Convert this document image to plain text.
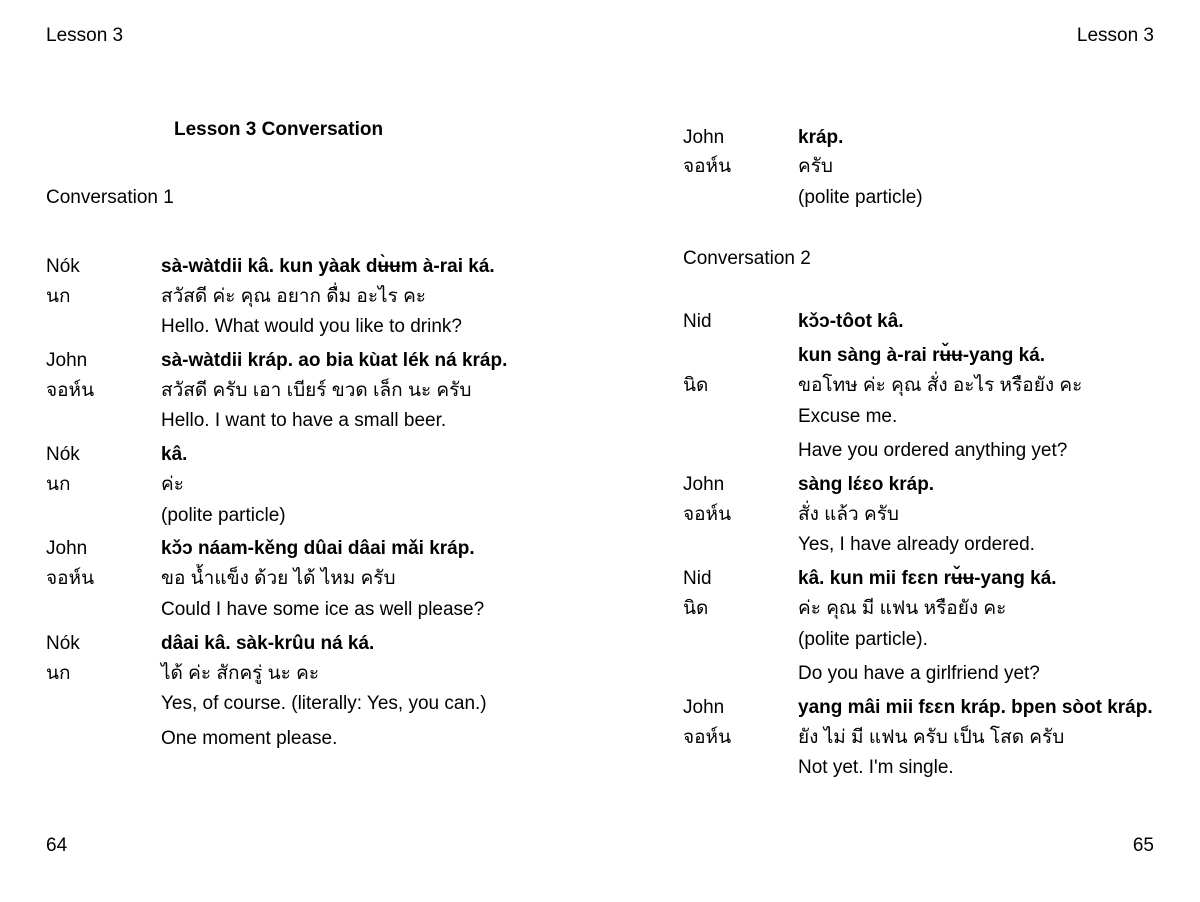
Lesson 3
Lesson 3 Conversation
Conversation 1
Nók	sà-wàtdii kâ. kun yàak dʉ̀ʉm à-rai ká.
นก	สวัสดี ค่ะ คุณ อยาก ดื่ม อะไร คะ
Hello. What would you like to drink?
John	sà-wàtdii kráp. ao bia kùat lék ná kráp.
จอห์น	สวัสดี ครับ เอา เบียร์ ขวด เล็ก นะ ครับ
Hello. I want to have a small beer.
Nók	kâ.
นก	ค่ะ
(polite particle)
John	kɔ̌ɔ náam-kěng dûai dâai mǎi kráp.
จอห์น	ขอ น้ำแข็ง ด้วย ได้ ไหม ครับ
Could I have some ice as well please?
Nók	dâai kâ. sàk-krûu ná ká.
นก	ได้ ค่ะ สักครู่ นะ คะ
Yes, of course. (literally: Yes, you can.)
One moment please.
64
Lesson 3
John	kráp.
จอห์น	ครับ
(polite particle)
Conversation 2
Nid	kɔ̌ɔ-tôot kâ.
kun sàng à-rai rʉ̌ʉ-yang ká.
นิด	ขอโทษ ค่ะ คุณ สั่ง อะไร หรือยัง คะ
Excuse me.
Have you ordered anything yet?
John	sàng lɛ́ɛo kráp.
จอห์น	สั่ง แล้ว ครับ
Yes, I have already ordered.
Nid	kâ. kun mii fɛɛn rʉ̌ʉ-yang ká.
นิด	ค่ะ คุณ มี แฟน หรือยัง คะ
(polite particle).
Do you have a girlfriend yet?
John	yang mâi mii fɛɛn kráp. bpen sòot kráp.
จอห์น	ยัง ไม่ มี แฟน ครับ เป็น โสด ครับ
Not yet. I'm single.
65
